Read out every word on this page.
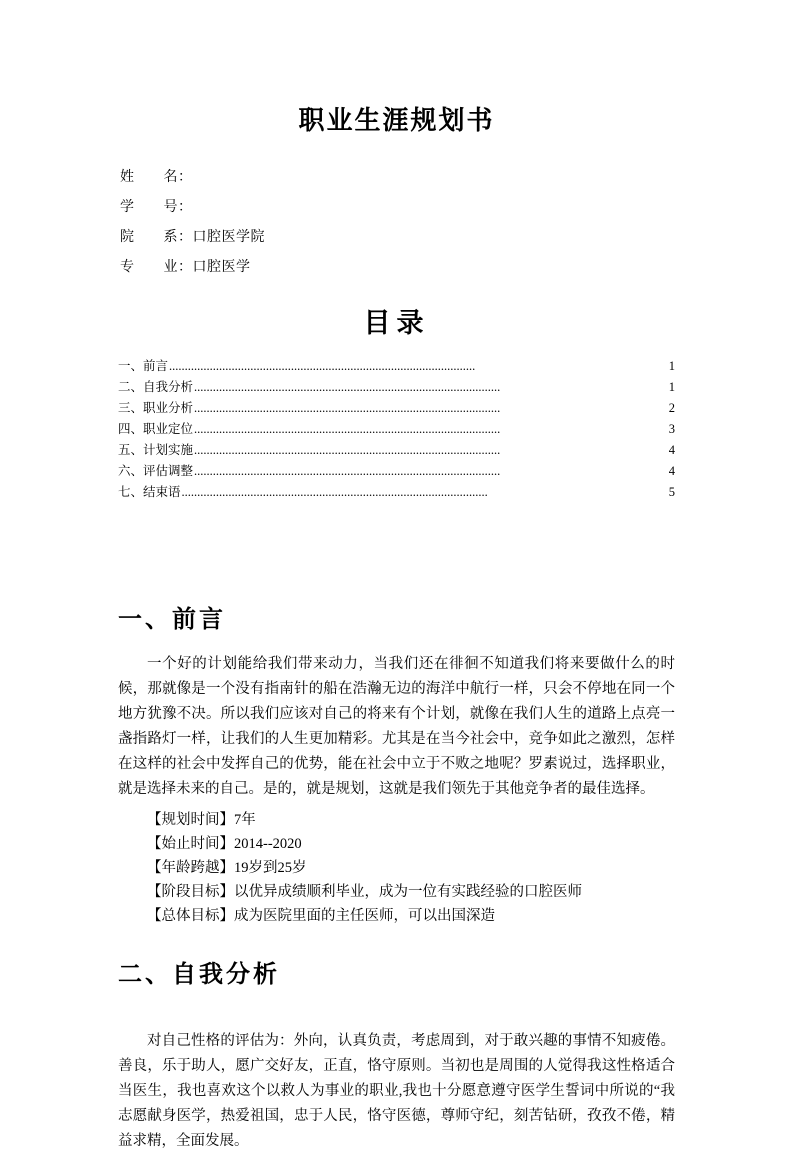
职业生涯规划书
姓　　名：
学　　号：
院　　系：口腔医学院
专　　业：口腔医学
目录
一、前言 ..................................................................................................	1
二、自我分析 ..................................................................................................	1
三、职业分析 ..................................................................................................	2
四、职业定位 ..................................................................................................	3
五、计划实施 ..................................................................................................	4
六、评估调整 ..................................................................................................	4
七、结束语 ..................................................................................................	5
一、前言

一个好的计划能给我们带来动力，当我们还在徘徊不知道我们将来要做什么的时候，那就像是一个没有指南针的船在浩瀚无边的海洋中航行一样，只会不停地在同一个地方犹豫不决。所以我们应该对自己的将来有个计划，就像在我们人生的道路上点亮一盏指路灯一样，让我们的人生更加精彩。尤其是在当今社会中，竞争如此之激烈，怎样在这样的社会中发挥自己的优势，能在社会中立于不败之地呢？罗素说过，选择职业，就是选择未来的自己。是的，就是规划，这就是我们领先于其他竞争者的最佳选择。

【规划时间】7年
【始止时间】2014--2020
【年龄跨越】19岁到25岁
【阶段目标】以优异成绩顺利毕业，成为一位有实践经验的口腔医师
【总体目标】成为医院里面的主任医师，可以出国深造
二、自我分析

对自己性格的评估为：外向，认真负责，考虑周到，对于敢兴趣的事情不知疲倦。善良，乐于助人，愿广交好友，正直，恪守原则。当初也是周围的人觉得我这性格适合当医生，我也喜欢这个以救人为事业的职业,我也十分愿意遵守医学生誓词中所说的“我志愿献身医学，热爱祖国，忠于人民，恪守医德，尊师守纪，刻苦钻研，孜孜不倦，精益求精，全面发展。
